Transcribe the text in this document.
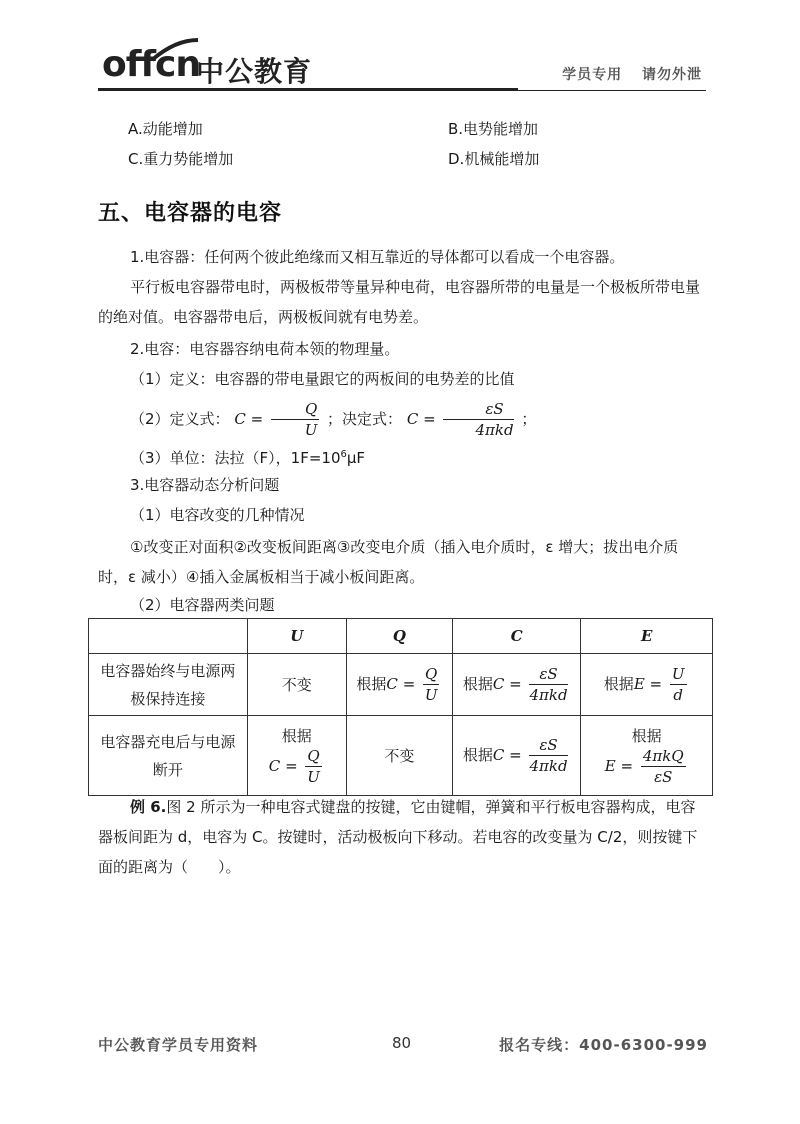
offcn
中公教育	学员专用 请勿外泄
A.动能增加	B.电势能增加
C.重力势能增加	D.机械能增加
五、电容器的电容
1.电容器：任何两个彼此绝缘而又相互靠近的导体都可以看成一个电容器。
平行板电容器带电时，两极板带等量异种电荷，电容器所带的电量是一个极板所带电量的绝对值。电容器带电后，两极板间就有电势差。
2.电容：电容器容纳电荷本领的物理量。
（1）定义：电容器的带电量跟它的两板间的电势差的比值
（2）定义式： $C = \frac{Q}{U}$ ；决定式： $C = \frac{\varepsilon S}{\text{4πkd}}$ ；
（3）单位：法拉（F），$1F=10^6\mu F$
3.电容器动态分析问题
（1）电容改变的几种情况
①改变正对面积②改变板间距离③改变电介质（插入电介质时，ε 增大；拔出电介质时，ε 减小）④插入金属板相当于减小板间距离。
（2）电容器两类问题
	U	Q	C	E
电容器始终与电源两极保持连接	不变	根据$C = \frac{Q}{U}$	根据$C = \frac{\varepsilon S}{\text{4πkd}}$	根据$E = \frac{U}{d}$

电容器充电后与电源断开	根据
$C = \frac{Q}{U}$	不变	根据$C = \frac{\varepsilon S}{\text{4πkd}}$	根据
$E = \frac{\text{4πkQ}}{\varepsilon S}$
例 6.图 2 所示为一种电容式键盘的按键，它由键帽，弹簧和平行板电容器构成，电容器板间距为 d，电容为 C。按键时，活动极板向下移动。若电容的改变量为 C/2，则按键下面的距离为（　　）。
中公教育学员专用资料	80	报名专线：400-6300-999
